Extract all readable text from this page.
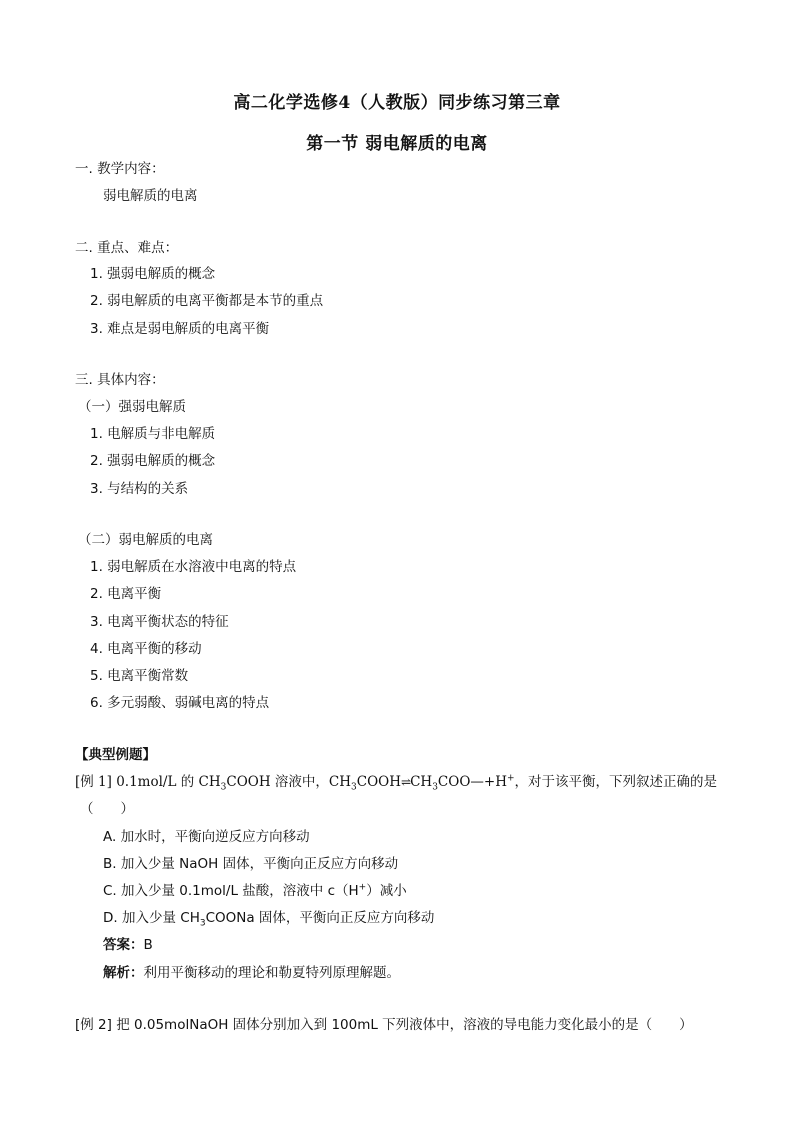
高二化学选修4（人教版）同步练习第三章
第一节 弱电解质的电离
一. 教学内容：
弱电解质的电离
二. 重点、难点：
1. 强弱电解质的概念
2. 弱电解质的电离平衡都是本节的重点
3. 难点是弱电解质的电离平衡
三. 具体内容：
（一）强弱电解质
1. 电解质与非电解质
2. 强弱电解质的概念
3. 与结构的关系
（二）弱电解质的电离
1. 弱电解质在水溶液中电离的特点
2. 电离平衡
3. 电离平衡状态的特征
4. 电离平衡的移动
5. 电离平衡常数
6. 多元弱酸、弱碱电离的特点
【典型例题】
[例 1] 0.1mol/L 的 $CH_3COOH$ 溶液中，$CH_3COOH\rightleftharpoons CH_3COO—+H^+$，对于该平衡，下列叙述正确的是
（　　）
A. 加水时，平衡向逆反应方向移动
B. 加入少量 NaOH 固体，平衡向正反应方向移动
C. 加入少量 0.1mol/L 盐酸，溶液中 c（H+）减小
D. 加入少量 $CH_3COONa$ 固体，平衡向正反应方向移动
答案：B
解析：利用平衡移动的理论和勒夏特列原理解题。
[例 2] 把 0.05molNaOH 固体分别加入到 100mL 下列液体中，溶液的导电能力变化最小的是（　　）
